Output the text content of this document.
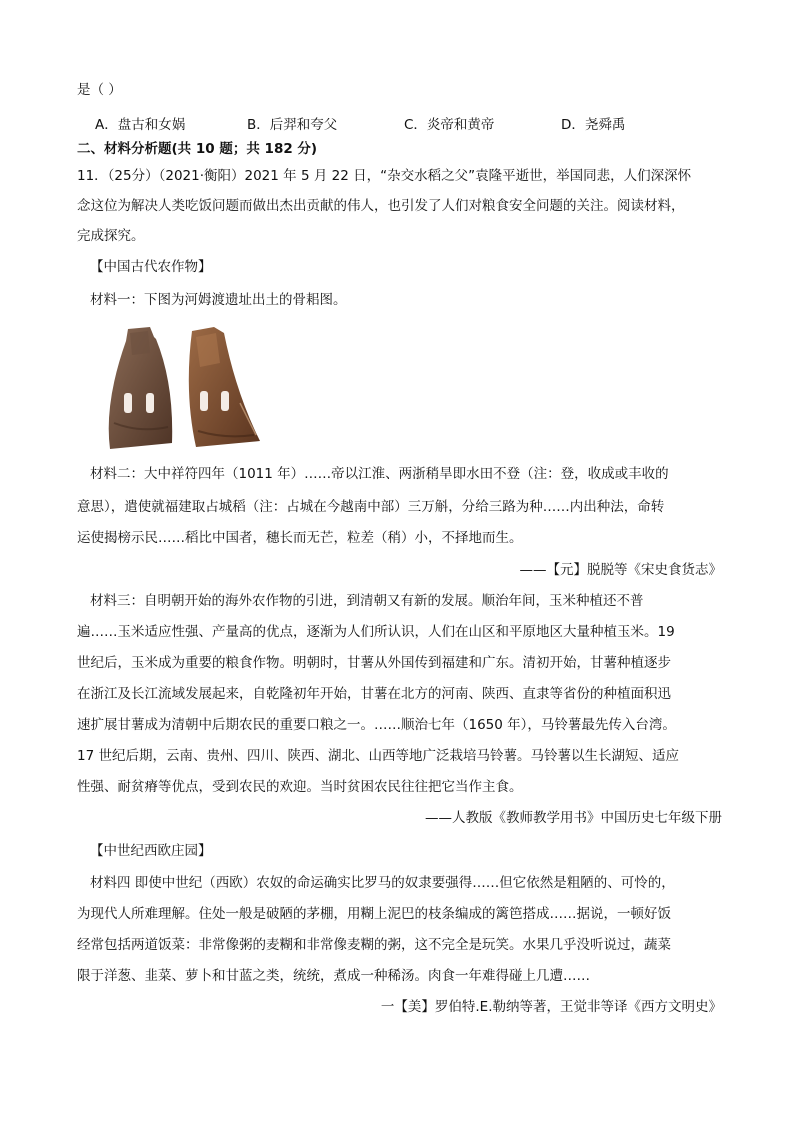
是（ ）
A．盘古和女娲	B．后羿和夸父	C．炎帝和黄帝	D．尧舜禹
二、材料分析题(共 10 题；共 182 分)
11．（25分）（2021·衡阳）2021 年 5 月 22 日，“杂交水稻之父”袁隆平逝世，举国同悲，人们深深怀
念这位为解决人类吃饭问题而做出杰出贡献的伟人，也引发了人们对粮食安全问题的关注。阅读材料，
完成探究。
【中国古代农作物】
材料一：下图为河姆渡遗址出土的骨耜图。
材料二：大中祥符四年（1011 年）……帝以江淮、两浙稍旱即水田不登（注：登，收成或丰收的
意思），遣使就福建取占城稻（注：占城在今越南中部）三万斛，分给三路为种……内出种法，命转
运使揭榜示民……稻比中国者，穗长而无芒，粒差（稍）小，不择地而生。
——【元】脱脱等《宋史食货志》
材料三：自明朝开始的海外农作物的引进，到清朝又有新的发展。顺治年间，玉米种植还不普
遍……玉米适应性强、产量高的优点，逐渐为人们所认识，人们在山区和平原地区大量种植玉米。19
世纪后，玉米成为重要的粮食作物。明朝时，甘薯从外国传到福建和广东。清初开始，甘薯种植逐步
在浙江及长江流域发展起来，自乾隆初年开始，甘薯在北方的河南、陕西、直隶等省份的种植面积迅
速扩展甘薯成为清朝中后期农民的重要口粮之一。……顺治七年（1650 年），马铃薯最先传入台湾。
17 世纪后期，云南、贵州、四川、陕西、湖北、山西等地广泛栽培马铃薯。马铃薯以生长湖短、适应
性强、耐贫瘠等优点，受到农民的欢迎。当时贫困农民往往把它当作主食。
——人教版《教师教学用书》中国历史七年级下册
【中世纪西欧庄园】
材料四 即使中世纪（西欧）农奴的命运确实比罗马的奴隶要强得……但它依然是粗陋的、可怜的，
为现代人所难理解。住处一般是破陋的茅棚，用糊上泥巴的枝条编成的篱笆搭成……据说，一顿好饭
经常包括两道饭菜：非常像粥的麦糊和非常像麦糊的粥，这不完全是玩笑。水果几乎没听说过，蔬菜
限于洋葱、韭菜、萝卜和甘蓝之类，统统，煮成一种稀汤。肉食一年难得碰上几遭……
一【美】罗伯特.E.勒纳等著，王觉非等译《西方文明史》
